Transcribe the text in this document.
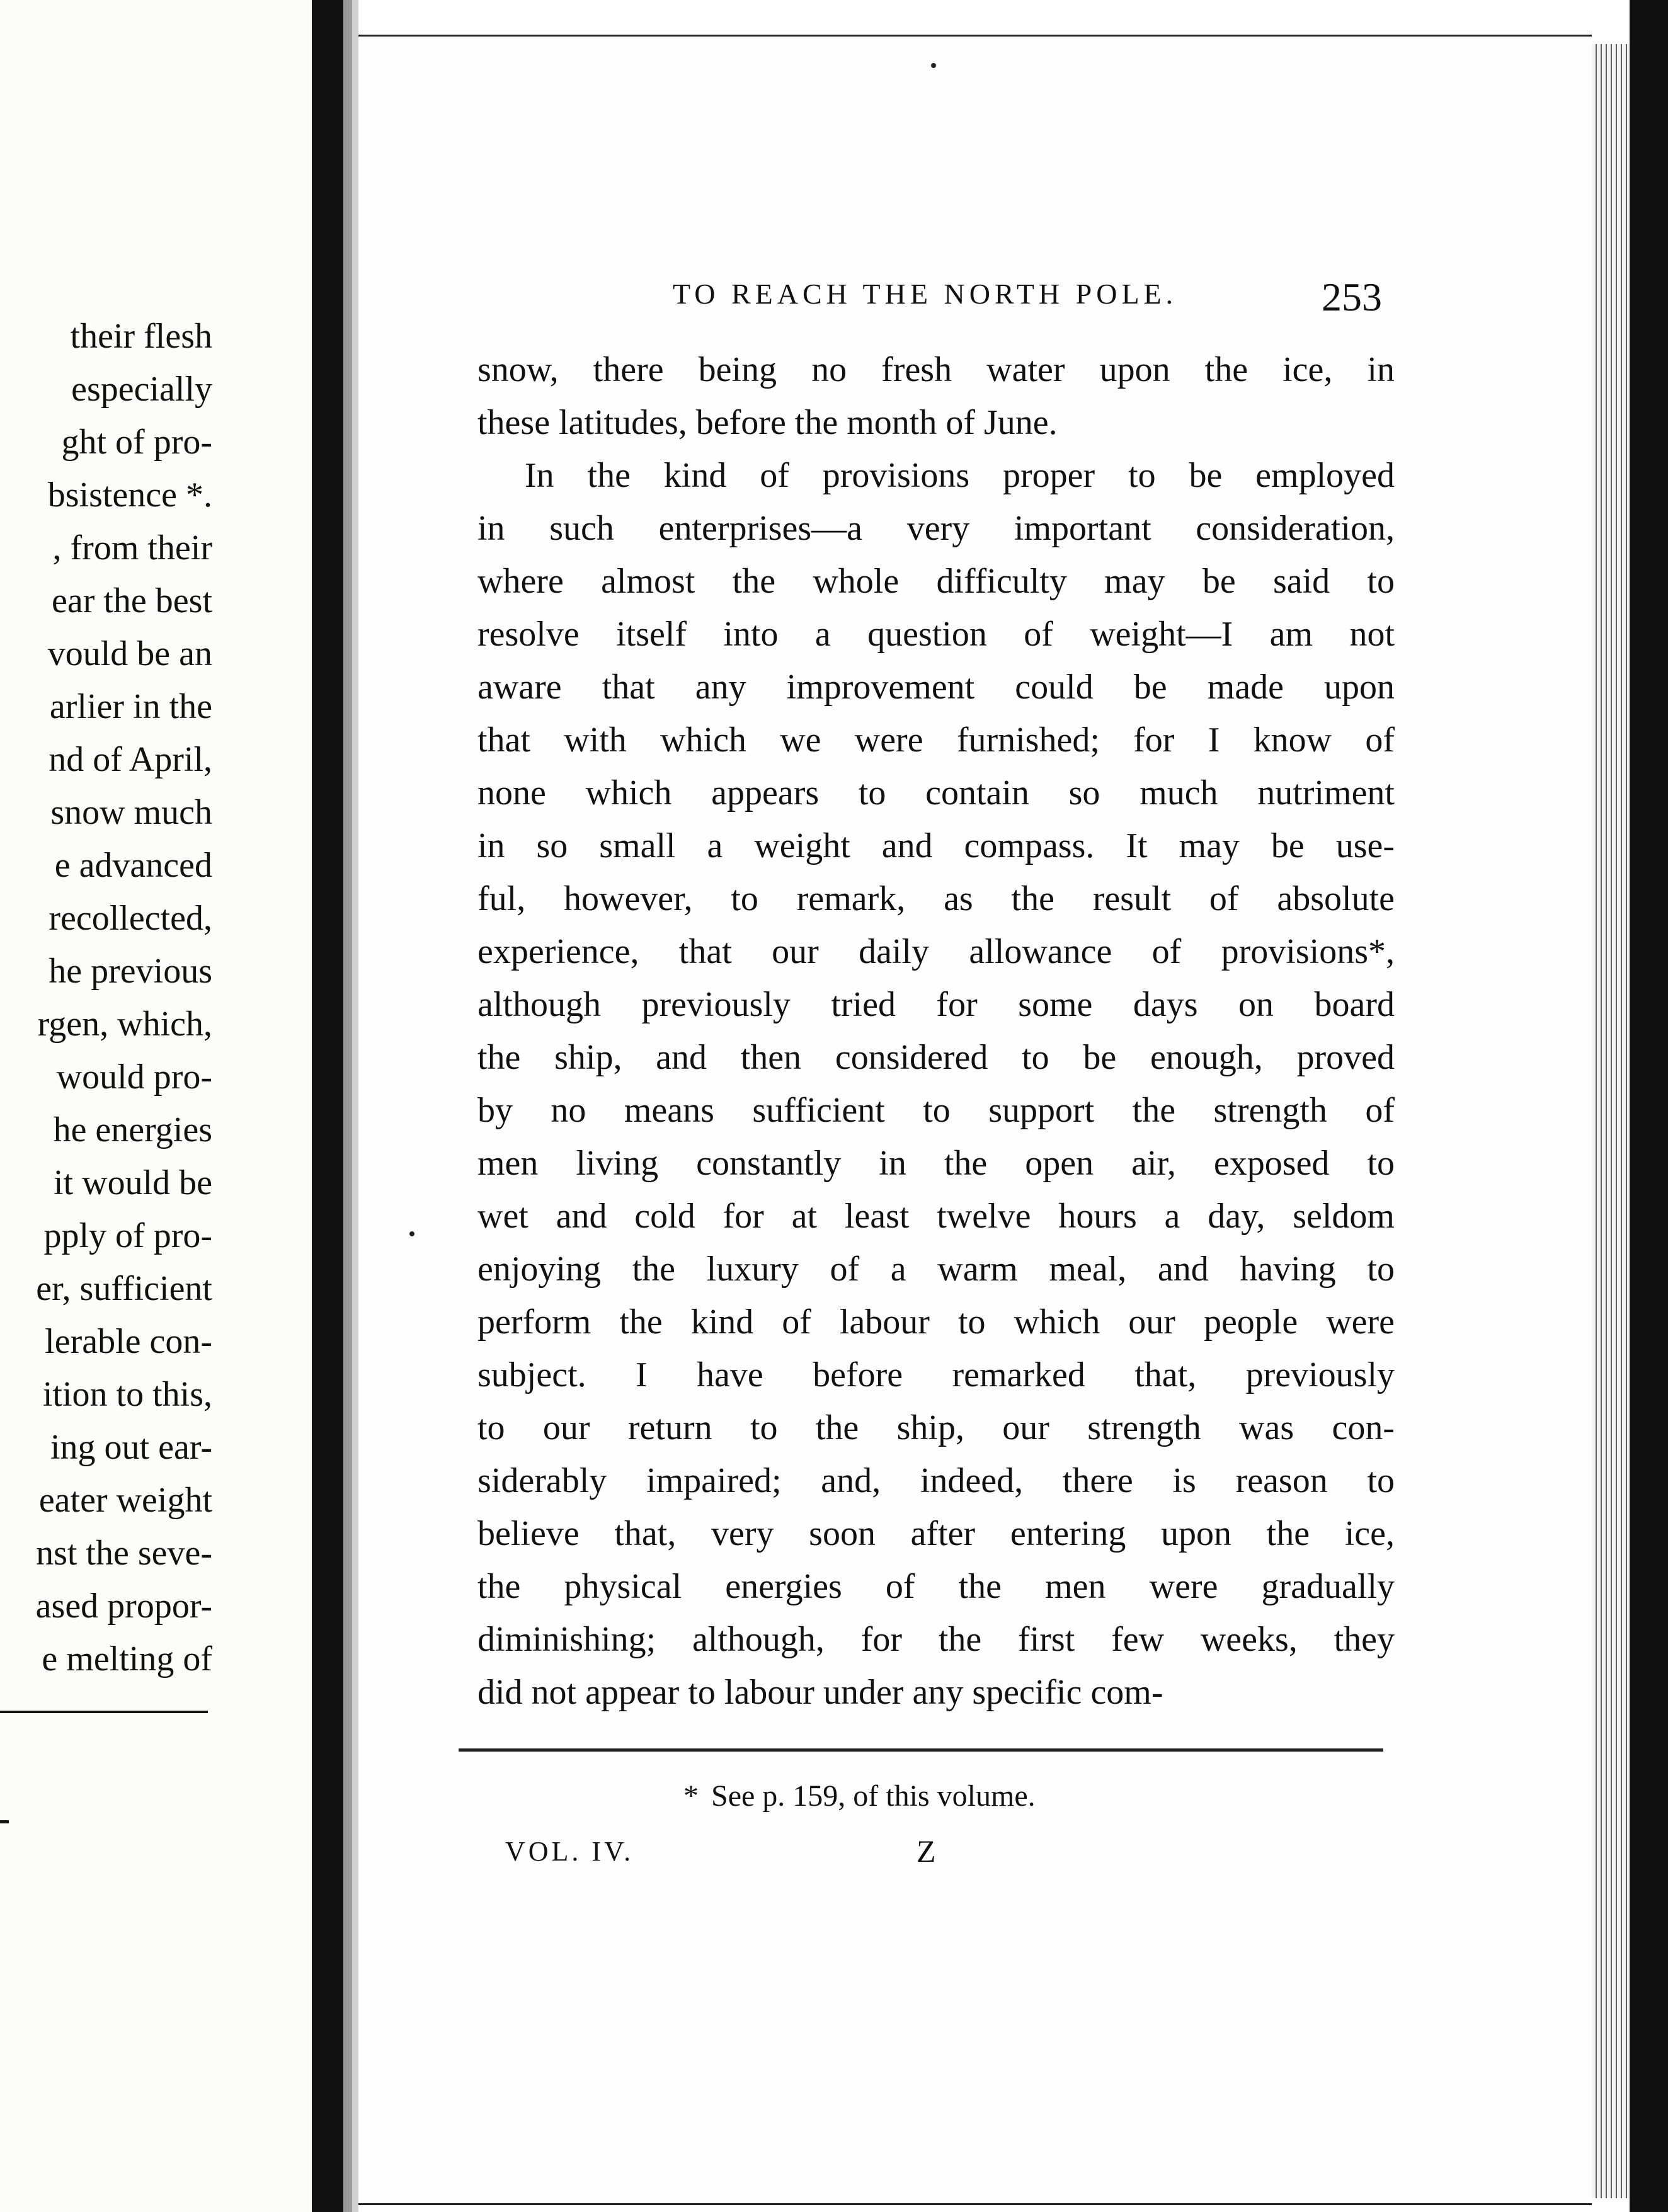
their flesh
especially
ght of pro-
bsistence *.
, from their
ear the best
vould be an
arlier in the
nd of April,
snow much
e advanced
recollected,
he previous
rgen, which,
would pro-
he energies
it would be
pply of pro-
er, sufficient
lerable con-
ition to this,
ing out ear-
eater weight
nst the seve-
ased propor-
e melting of
TO REACH THE NORTH POLE.	253
snow, there being no fresh water upon the ice, in
these latitudes, before the month of June.
In the kind of provisions proper to be employed
in such enterprises—a very important consideration,
where almost the whole difficulty may be said to
resolve itself into a question of weight—I am not
aware that any improvement could be made upon
that with which we were furnished; for I know of
none which appears to contain so much nutriment
in so small a weight and compass. It may be use-
ful, however, to remark, as the result of absolute
experience, that our daily allowance of provisions*,
although previously tried for some days on board
the ship, and then considered to be enough, proved
by no means sufficient to support the strength of
men living constantly in the open air, exposed to
wet and cold for at least twelve hours a day, seldom
enjoying the luxury of a warm meal, and having to
perform the kind of labour to which our people were
subject. I have before remarked that, previously
to our return to the ship, our strength was con-
siderably impaired; and, indeed, there is reason to
believe that, very soon after entering upon the ice,
the physical energies of the men were gradually
diminishing; although, for the first few weeks, they
did not appear to labour under any specific com-
* See p. 159, of this volume.
VOL. IV.	Z
